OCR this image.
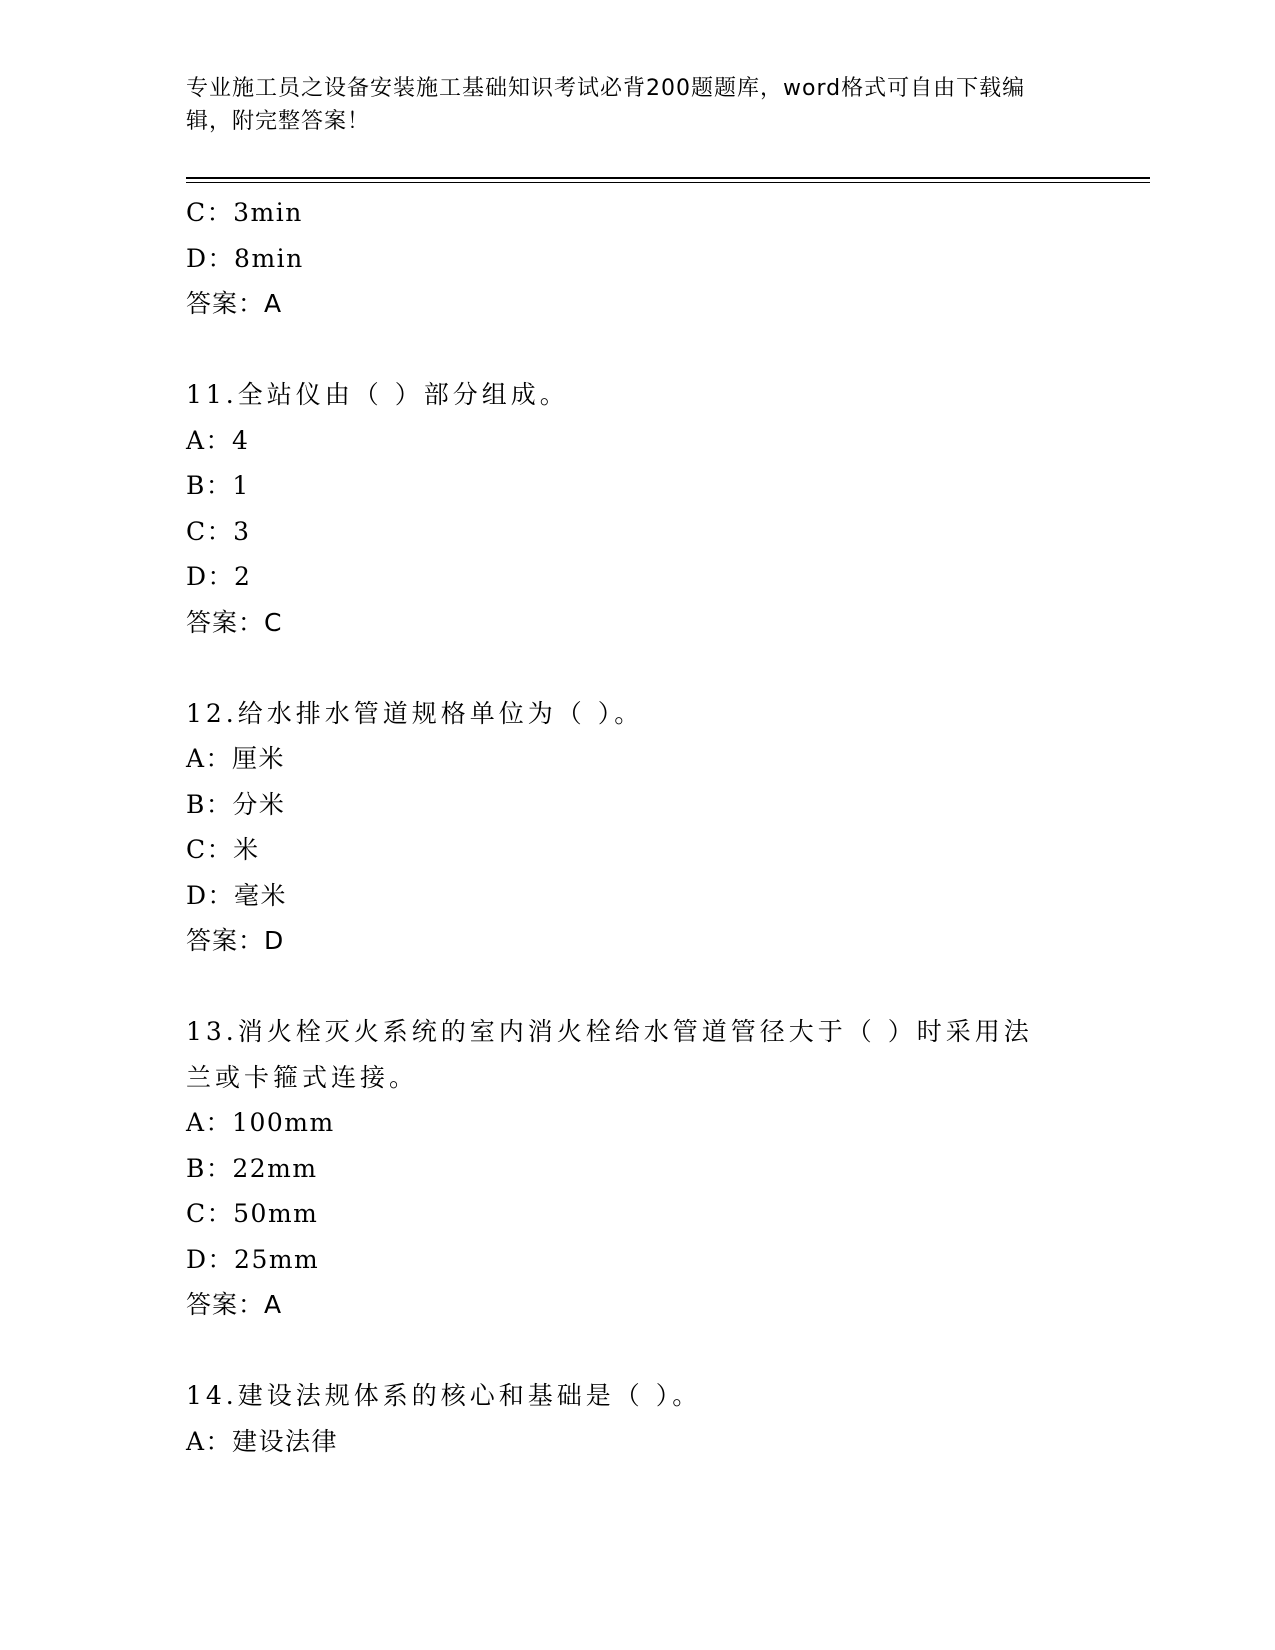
专业施工员之设备安装施工基础知识考试必背200题题库，word格式可自由下载编辑，附完整答案！
C：3min
D：8min
答案：A
11.全站仪由（ ）部分组成。
A：4
B：1
C：3
D：2
答案：C
12.给水排水管道规格单位为（ ）。
A：厘米
B：分米
C：米
D：毫米
答案：D
13.消火栓灭火系统的室内消火栓给水管道管径大于（ ）时采用法兰或卡箍式连接。
A：100mm
B：22mm
C：50mm
D：25mm
答案：A
14.建设法规体系的核心和基础是（ ）。
A：建设法律
